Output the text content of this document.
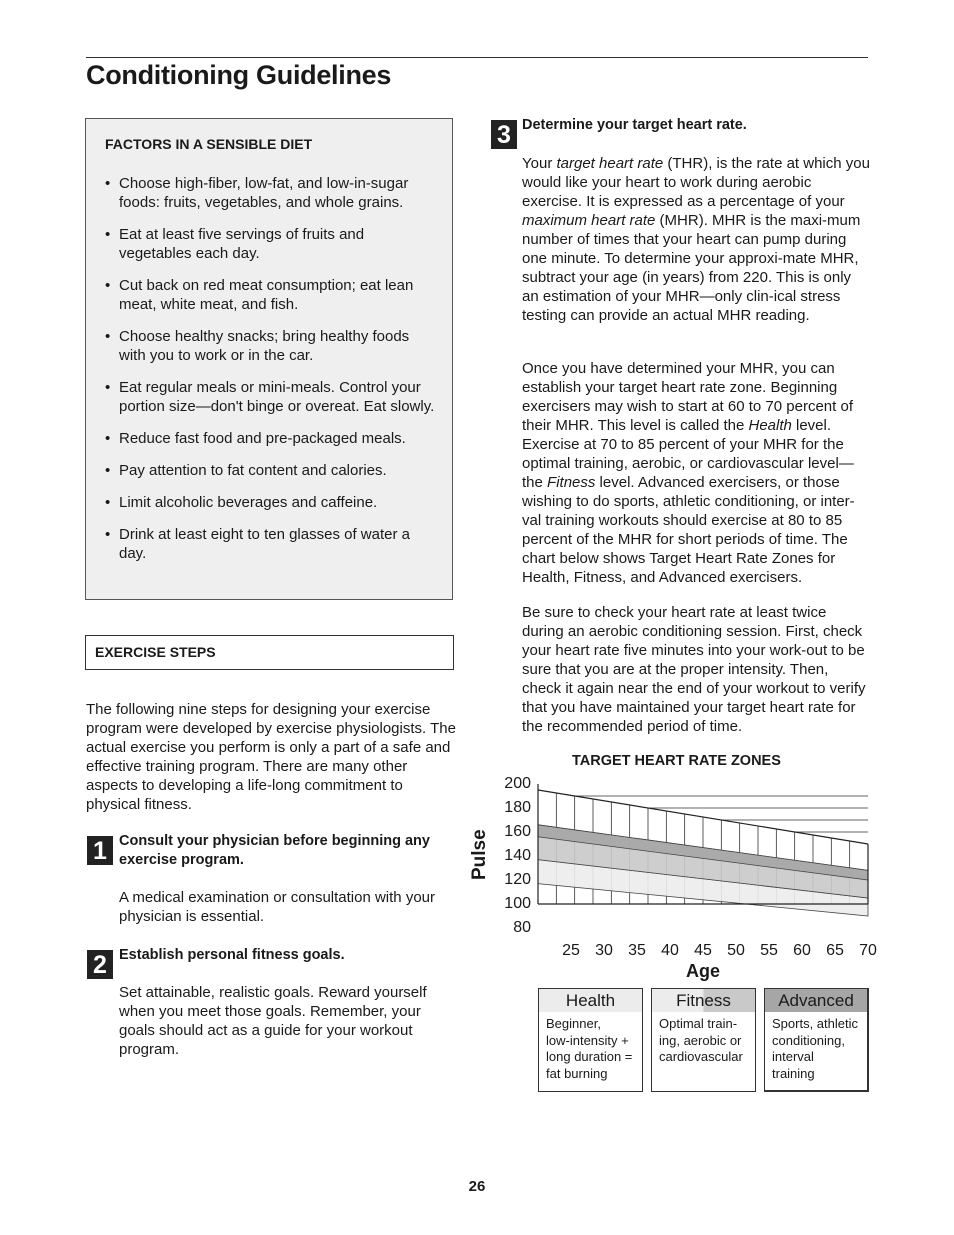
Conditioning Guidelines
FACTORS IN A SENSIBLE DIET
• Choose high-fiber, low-fat, and low-in-sugar foods: fruits, vegetables, and whole grains.
• Eat at least five servings of fruits and vegetables each day.
• Cut back on red meat consumption; eat lean meat, white meat, and fish.
• Choose healthy snacks; bring healthy foods with you to work or in the car.
• Eat regular meals or mini-meals. Control your portion size—don't binge or overeat. Eat slowly.
• Reduce fast food and pre-packaged meals.
• Pay attention to fat content and calories.
• Limit alcoholic beverages and caffeine.
• Drink at least eight to ten glasses of water a day.
EXERCISE STEPS
The following nine steps for designing your exercise program were developed by exercise physiologists. The actual exercise you perform is only a part of a safe and effective training program. There are many other aspects to developing a life-long commitment to physical fitness.
1 Consult your physician before beginning any exercise program.
A medical examination or consultation with your physician is essential.
2 Establish personal fitness goals.
Set attainable, realistic goals. Reward yourself when you meet those goals. Remember, your goals should act as a guide for your workout program.
3 Determine your target heart rate.

Your target heart rate (THR), is the rate at which you would like your heart to work during aerobic exercise. It is expressed as a percentage of your maximum heart rate (MHR). MHR is the maxi-mum number of times that your heart can pump during one minute. To determine your approxi-mate MHR, subtract your age (in years) from 220. This is only an estimation of your MHR—only clin-ical stress testing can provide an actual MHR reading.

Once you have determined your MHR, you can establish your target heart rate zone. Beginning exercisers may wish to start at 60 to 70 percent of their MHR. This level is called the Health level. Exercise at 70 to 85 percent of your MHR for the optimal training, aerobic, or cardiovascular level—the Fitness level. Advanced exercisers, or those wishing to do sports, athletic conditioning, or inter-val training workouts should exercise at 80 to 85 percent of the MHR for short periods of time. The chart below shows Target Heart Rate Zones for Health, Fitness, and Advanced exercisers.

Be sure to check your heart rate at least twice during an aerobic conditioning session. First, check your heart rate five minutes into your work-out to be sure that you are at the proper intensity. Then, check it again near the end of your workout to verify that you have maintained your target heart rate for the recommended period of time.

TARGET HEART RATE ZONES
Pulse
200
180
160
140
120
100
80
25 30 35 40 45 50 55 60 65 70
Age
Health
Beginner,
low-intensity +
long duration =
fat burning
Fitness
Optimal train-
ing, aerobic or
cardiovascular
Advanced
Sports, athletic
conditioning,
interval training
26
